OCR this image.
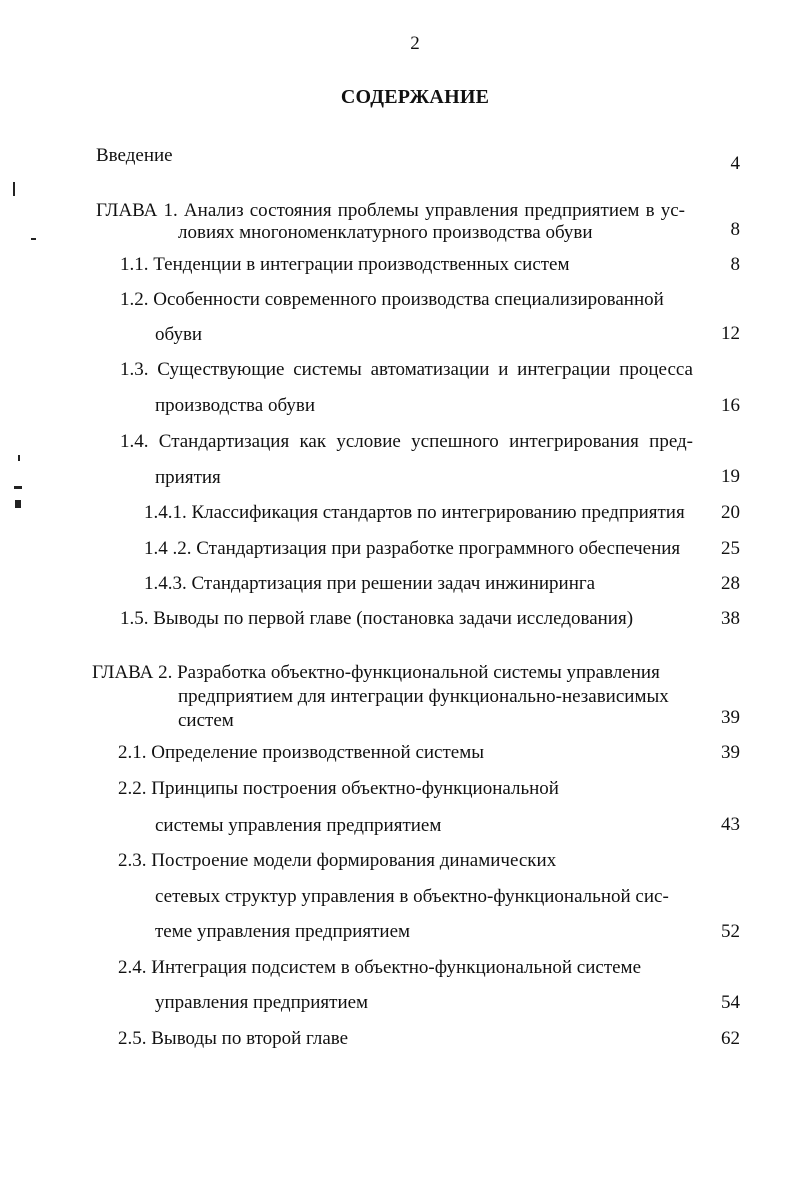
2
СОДЕРЖАНИЕ
Введение	4
ГЛАВА 1. Анализ состояния проблемы управления предприятием в ус-
ловиях многономенклатурного производства обуви	8
1.1. Тенденции в интеграции производственных систем	8
1.2. Особенности современного производства специализированной
обуви	12
1.3. Существующие системы автоматизации и интеграции процесса
производства обуви	16
1.4. Стандартизация как условие успешного интегрирования пред-
приятия	19
1.4.1. Классификация стандартов по интегрированию предприятия 20
1.4 .2. Стандартизация при разработке программного обеспечения 25
1.4.3. Стандартизация при решении задач инжиниринга	28
1.5. Выводы по первой главе (постановка задачи исследования)	38
ГЛАВА 2. Разработка объектно-функциональной системы управления
предприятием для интеграции функционально-независимых
систем	39
2.1. Определение производственной системы	39
2.2. Принципы построения объектно-функциональной
системы управления предприятием	43
2.3. Построение модели формирования динамических
сетевых структур управления в объектно-функциональной сис-
теме управления предприятием	52
2.4. Интеграция подсистем в объектно-функциональной системе
управления предприятием	54
2.5. Выводы по второй главе	62
